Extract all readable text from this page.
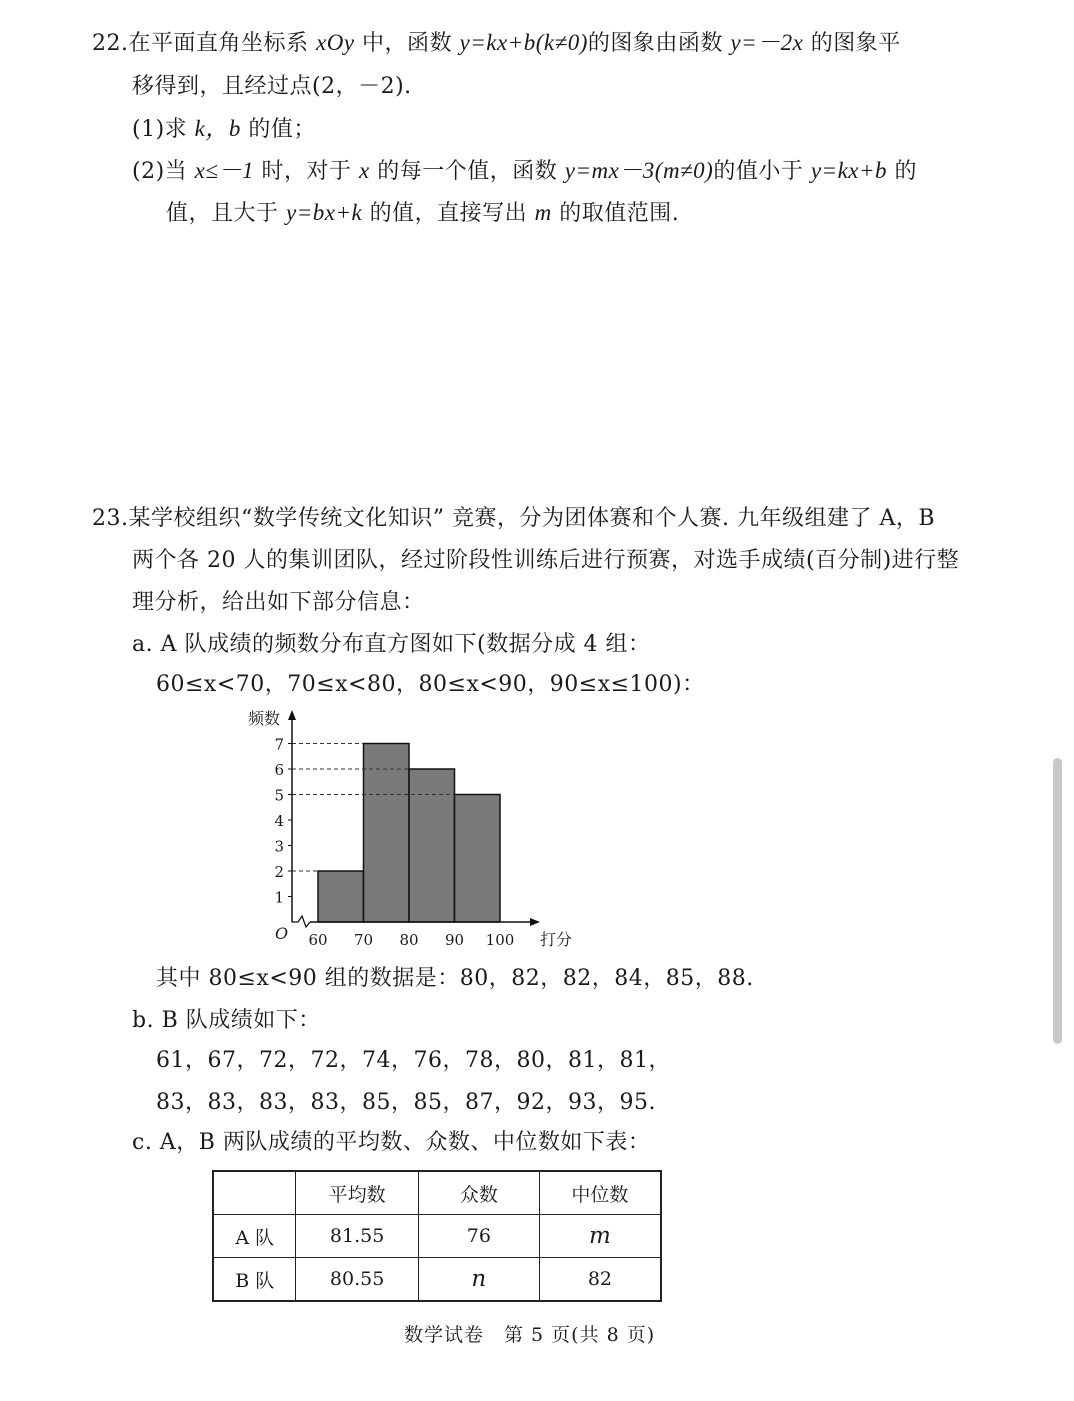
22.在平面直角坐标系 xOy 中，函数 y=kx+b(k≠0)的图象由函数 y=－2x 的图象平
移得到，且经过点(2，－2).
(1)求 k，b 的值；
(2)当 x≤－1 时，对于 x 的每一个值，函数 y=mx－3(m≠0)的值小于 y=kx+b 的
值，且大于 y=bx+k 的值，直接写出 m 的取值范围.
23.某学校组织“数学传统文化知识” 竞赛，分为团体赛和个人赛. 九年级组建了 A，B
两个各 20 人的集训团队，经过阶段性训练后进行预赛，对选手成绩(百分制)进行整
理分析，给出如下部分信息：
a. A 队成绩的频数分布直方图如下(数据分成 4 组：
60≤x<70，70≤x<80，80≤x<90，90≤x≤100)：
1
2
3
4
5
6
7
60 70 80 90 100
频数
打分
O
其中 80≤x<90 组的数据是：80，82，82，84，85，88.
b. B 队成绩如下：
61，67，72，72，74，76，78，80，81，81，
83，83，83，83，85，85，87，92，93，95.
c. A，B 两队成绩的平均数、众数、中位数如下表：
	平均数	众数	中位数
A 队	81.55	76	m
B 队	80.55	n	82
数学试卷　第 5 页(共 8 页)
